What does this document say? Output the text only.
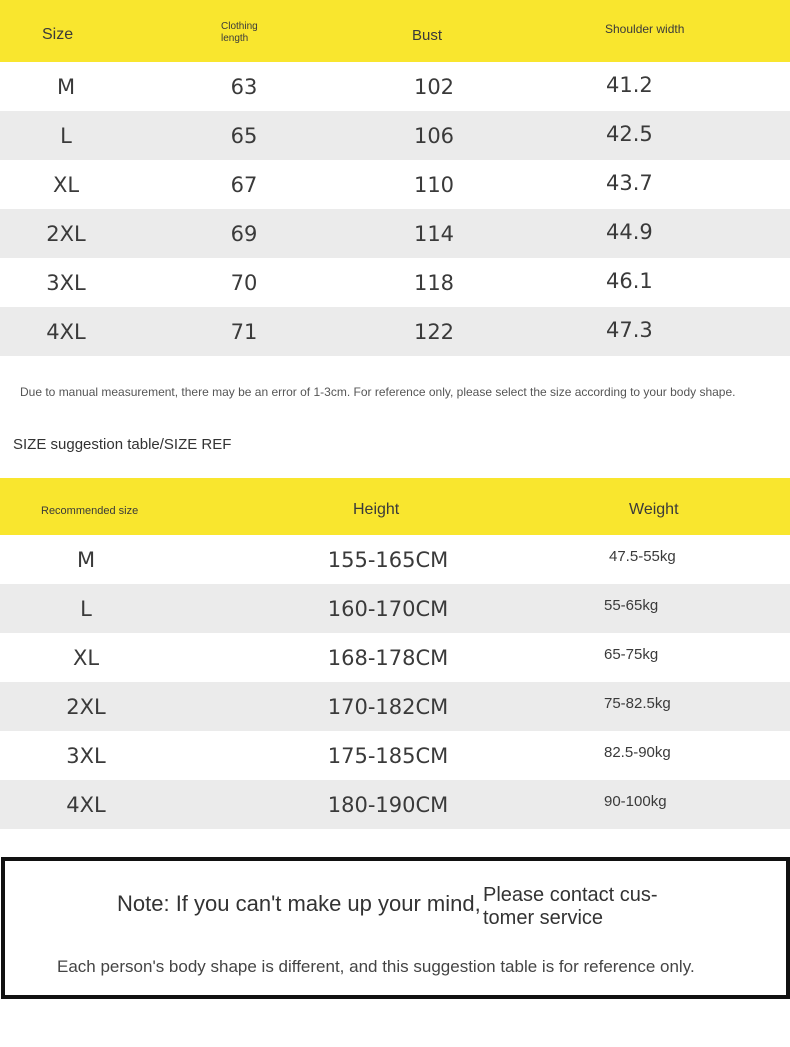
Size	Clothing length	Bust	Shoulder width
M	63	102	41.2
L	65	106	42.5
XL	67	110	43.7
2XL	69	114	44.9
3XL	70	118	46.1
4XL	71	122	47.3
Due to manual measurement, there may be an error of 1-3cm. For reference only, please select the size according to your body shape.
SIZE suggestion table/SIZE REF
Recommended size	Height	Weight
M	155-165CM	47.5-55kg
L	160-170CM	55-65kg
XL	168-178CM	65-75kg
2XL	170-182CM	75-82.5kg
3XL	175-185CM	82.5-90kg
4XL	180-190CM	90-100kg
Note: If you can't make up your mind, Please contact cus- tomer service
Each person's body shape is different, and this suggestion table is for reference only.
